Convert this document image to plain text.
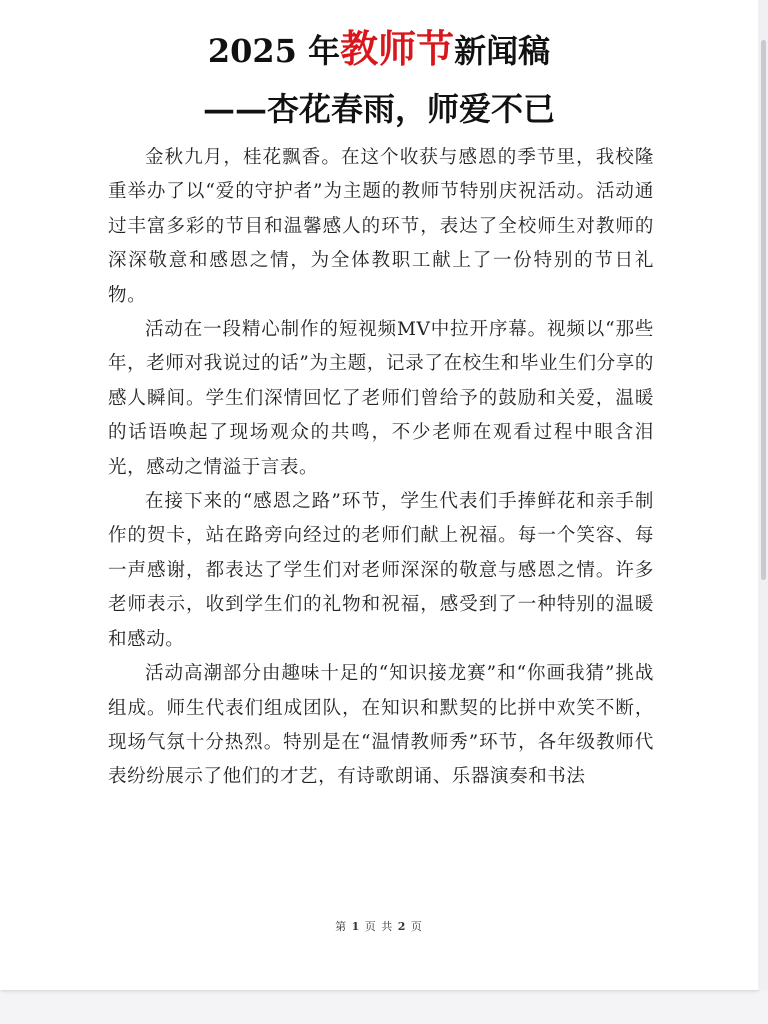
2025 年教师节新闻稿
——杏花春雨，师爱不已

金秋九月，桂花飘香。在这个收获与感恩的季节里，我校隆重举办了以“爱的守护者”为主题的教师节特别庆祝活动。活动通过丰富多彩的节目和温馨感人的环节，表达了全校师生对教师的深深敬意和感恩之情，为全体教职工献上了一份特别的节日礼物。

活动在一段精心制作的短视频MV中拉开序幕。视频以“那些年，老师对我说过的话”为主题，记录了在校生和毕业生们分享的感人瞬间。学生们深情回忆了老师们曾给予的鼓励和关爱，温暖的话语唤起了现场观众的共鸣，不少老师在观看过程中眼含泪光，感动之情溢于言表。

在接下来的“感恩之路”环节，学生代表们手捧鲜花和亲手制作的贺卡，站在路旁向经过的老师们献上祝福。每一个笑容、每一声感谢，都表达了学生们对老师深深的敬意与感恩之情。许多老师表示，收到学生们的礼物和祝福，感受到了一种特别的温暖和感动。

活动高潮部分由趣味十足的“知识接龙赛”和“你画我猜”挑战组成。师生代表们组成团队，在知识和默契的比拼中欢笑不断，现场气氛十分热烈。特别是在“温情教师秀”环节，各年级教师代表纷纷展示了他们的才艺，有诗歌朗诵、乐器演奏和书法

第 1 页 共 2 页
